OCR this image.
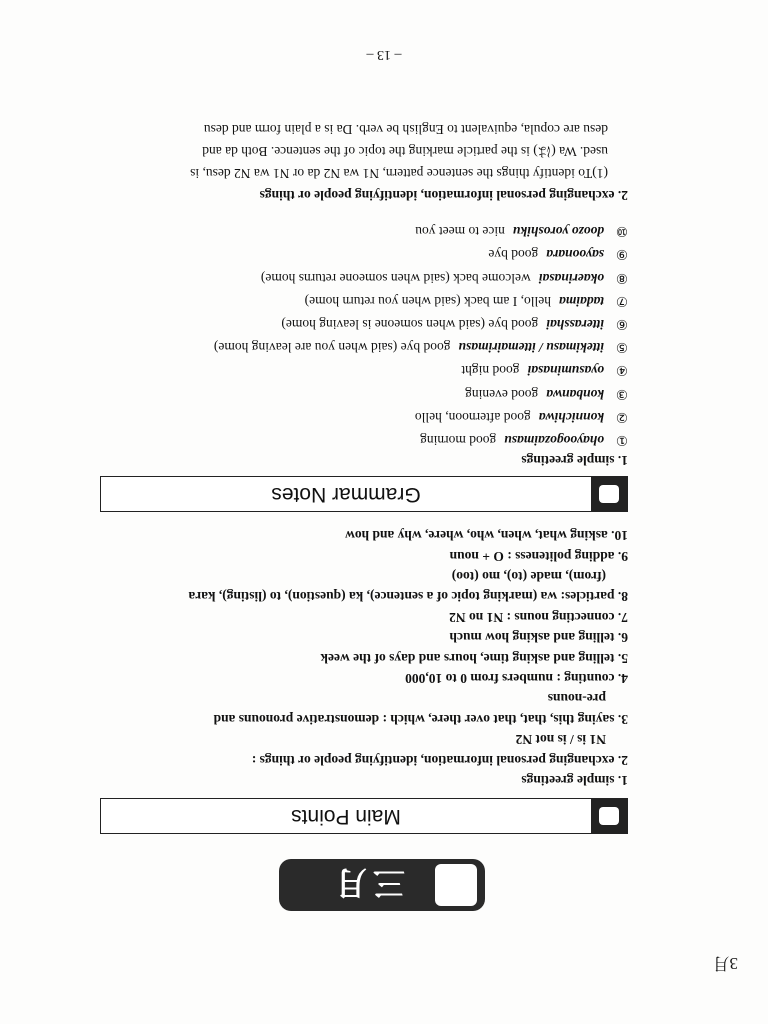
3月
三月
Main Points
1. simple greetings
2. exchanging personal information, identifying people or things :
N1 is / is not N2
3. saying this, that, that over there, which : demonstrative pronouns and
pre-nouns
4. counting : numbers from 0 to 10,000
5. telling and asking time, hours and days of the week
6. telling and asking how much
7. connecting nouns : N1 no N2
8. particles: wa (marking topic of a sentence), ka (question), to (listing), kara
(from), made (to), mo (too)
9. adding politeness : O + noun
10. asking what, when, who, where, why and how
Grammar Notes
1. simple greetings
①ohayoogozaimasugood morning
②konnichiwagood afternoon, hello
③konbanwagood evening
④oyasuminasaigood night
⑤ittekimasu / ittemairimasugood bye (said when you are leaving home)
⑥itterasshaigood bye (said when someone is leaving home)
⑦tadaimahello, I am back (said when you return home)
⑧okaerinasaiwelcome back (said when someone returns home)
⑨sayoonaragood bye
⑩doozo yoroshikunice to meet you
2. exchanging personal information, identifying people or things
(1)To identify things the sentence pattern, N1 wa N2 da or N1 wa N2 desu, is
used. Wa (は) is the particle marking the topic of the sentence. Both da and
desu are copula, equivalent to English be verb. Da is a plain form and desu
– 13 –
